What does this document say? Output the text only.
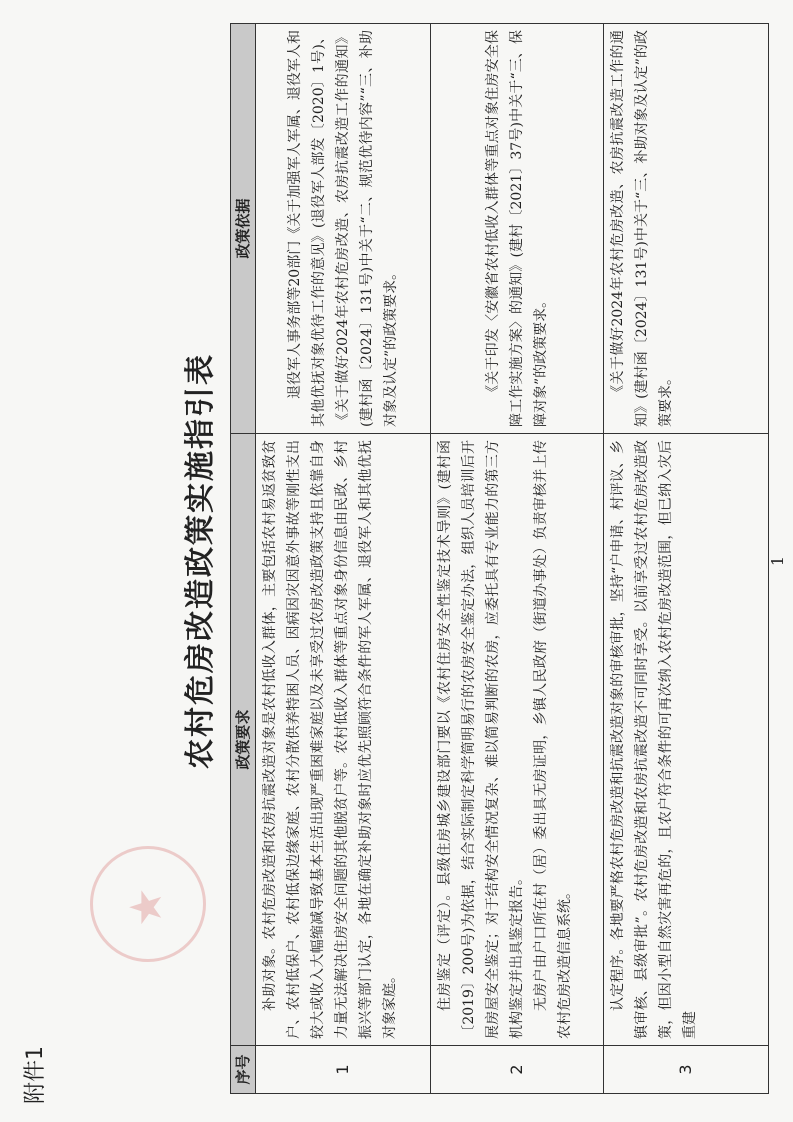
附件1
★
农村危房改造政策实施指引表
序号	政策要求	政策依据
1	补助对象。农村危房改造和农房抗震改造对象是农村低收入群体，主要包括农村易返贫致贫户、农村低保户、农村低保边缘家庭、农村分散供养特困人员、因病因灾因意外事故等刚性支出较大或收入大幅缩减导致基本生活出现严重困难家庭以及未享受过农房改造政策支持且依靠自身力量无法解决住房安全问题的其他脱贫户等。农村低收入群体等重点对象身份信息由民政、乡村振兴等部门认定，各地在确定补助对象时应优先照顾符合条件的军人军属、退役军人和其他优抚对象家庭。	退役军人事务部等20部门《关于加强军人军属、退役军人和其他优抚对象优待工作的意见》(退役军人部发〔2020〕1号)、《关于做好2024年农村危房改造、农房抗震改造工作的通知》(建村函〔2024〕131号)中关于“二、规范优待内容”“三、补助对象及认定”的政策要求。

2	住房鉴定（评定）。县级住房城乡建设部门要以《农村住房安全性鉴定技术导则》(建村函〔2019〕200号)为依据，结合实际制定科学简明易行的农房安全鉴定办法，组织人员培训后开展房屋安全鉴定；对于结构安全情况复杂、难以简易判断的农房，应委托具有专业能力的第三方机构鉴定并出具鉴定报告。 无房户由户口所在村（居）委出具无房证明，乡镇人民政府（街道办事处）负责审核并上传农村危房改造信息系统。	《关于印发〈安徽省农村低收入群体等重点对象住房安全保障工作实施方案〉的通知》(建村〔2021〕37号)中关于“三、保障对象”的政策要求。

3	认定程序。各地要严格农村危房改造和抗震改造对象的审核审批，坚持“户申请、村评议、乡镇审核、县级审批”。农村危房改造和农房抗震改造不可同时享受。以前享受过农村危房改造政策，但因小型自然灾害再危的，且农户符合条件的可再次纳入农村危房改造范围，但已纳入灾后重建	《关于做好2024年农村危房改造、农房抗震改造工作的通知》(建村函〔2024〕131号)中关于“三、补助对象及认定”的政策要求。

1
